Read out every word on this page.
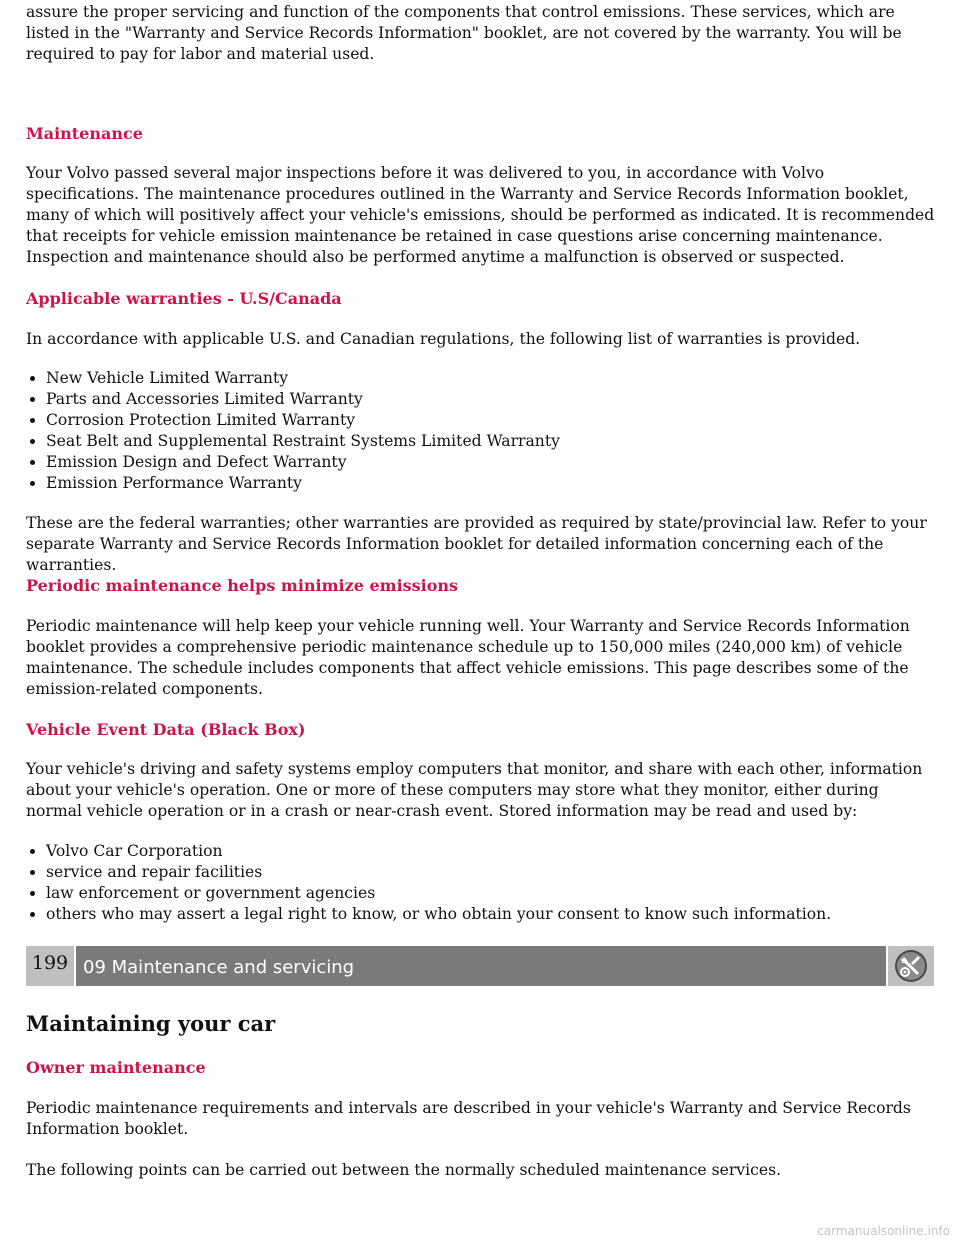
assure the proper servicing and function of the components that control emissions. These services, which are listed in the "Warranty and Service Records Information" booklet, are not covered by the warranty. You will be required to pay for labor and material used.

Maintenance

Your Volvo passed several major inspections before it was delivered to you, in accordance with Volvo specifications. The maintenance procedures outlined in the Warranty and Service Records Information booklet, many of which will positively affect your vehicle's emissions, should be performed as indicated. It is recommended that receipts for vehicle emission maintenance be retained in case questions arise concerning maintenance. Inspection and maintenance should also be performed anytime a malfunction is observed or suspected.

Applicable warranties - U.S/Canada

In accordance with applicable U.S. and Canadian regulations, the following list of warranties is provided.

• New Vehicle Limited Warranty
• Parts and Accessories Limited Warranty
• Corrosion Protection Limited Warranty
• Seat Belt and Supplemental Restraint Systems Limited Warranty
• Emission Design and Defect Warranty
• Emission Performance Warranty

These are the federal warranties; other warranties are provided as required by state/provincial law. Refer to your separate Warranty and Service Records Information booklet for detailed information concerning each of the warranties.

Periodic maintenance helps minimize emissions

Periodic maintenance will help keep your vehicle running well. Your Warranty and Service Records Information booklet provides a comprehensive periodic maintenance schedule up to 150,000 miles (240,000 km) of vehicle maintenance. The schedule includes components that affect vehicle emissions. This page describes some of the emission-related components.

Vehicle Event Data (Black Box)

Your vehicle's driving and safety systems employ computers that monitor, and share with each other, information about your vehicle's operation. One or more of these computers may store what they monitor, either during normal vehicle operation or in a crash or near-crash event. Stored information may be read and used by:

• Volvo Car Corporation
• service and repair facilities
• law enforcement or government agencies
• others who may assert a legal right to know, or who obtain your consent to know such information.
199 09 Maintenance and servicing
Maintaining your car
Owner maintenance

Periodic maintenance requirements and intervals are described in your vehicle's Warranty and Service Records Information booklet.

The following points can be carried out between the normally scheduled maintenance services.

carmanualsonline.info
